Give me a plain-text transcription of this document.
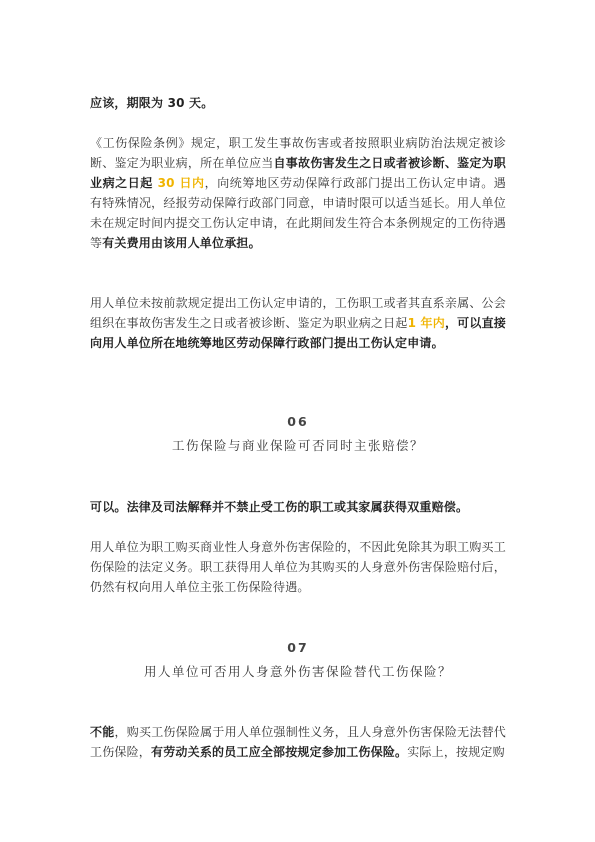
应该，期限为 30 天。

《工伤保险条例》规定，职工发生事故伤害或者按照职业病防治法规定被诊断、鉴定为职业病，所在单位应当自事故伤害发生之日或者被诊断、鉴定为职业病之日起 30 日内，向统筹地区劳动保障行政部门提出工伤认定申请。遇有特殊情况，经报劳动保障行政部门同意，申请时限可以适当延长。用人单位未在规定时间内提交工伤认定申请，在此期间发生符合本条例规定的工伤待遇等有关费用由该用人单位承担。

用人单位未按前款规定提出工伤认定申请的，工伤职工或者其直系亲属、公会组织在事故伤害发生之日或者被诊断、鉴定为职业病之日起1 年内，可以直接向用人单位所在地统筹地区劳动保障行政部门提出工伤认定申请。

06
工伤保险与商业保险可否同时主张赔偿？

可以。法律及司法解释并不禁止受工伤的职工或其家属获得双重赔偿。

用人单位为职工购买商业性人身意外伤害保险的，不因此免除其为职工购买工伤保险的法定义务。职工获得用人单位为其购买的人身意外伤害保险赔付后，仍然有权向用人单位主张工伤保险待遇。

07
用人单位可否用人身意外伤害保险替代工伤保险？

不能，购买工伤保险属于用人单位强制性义务，且人身意外伤害保险无法替代工伤保险，有劳动关系的员工应全部按规定参加工伤保险。实际上，按规定购
